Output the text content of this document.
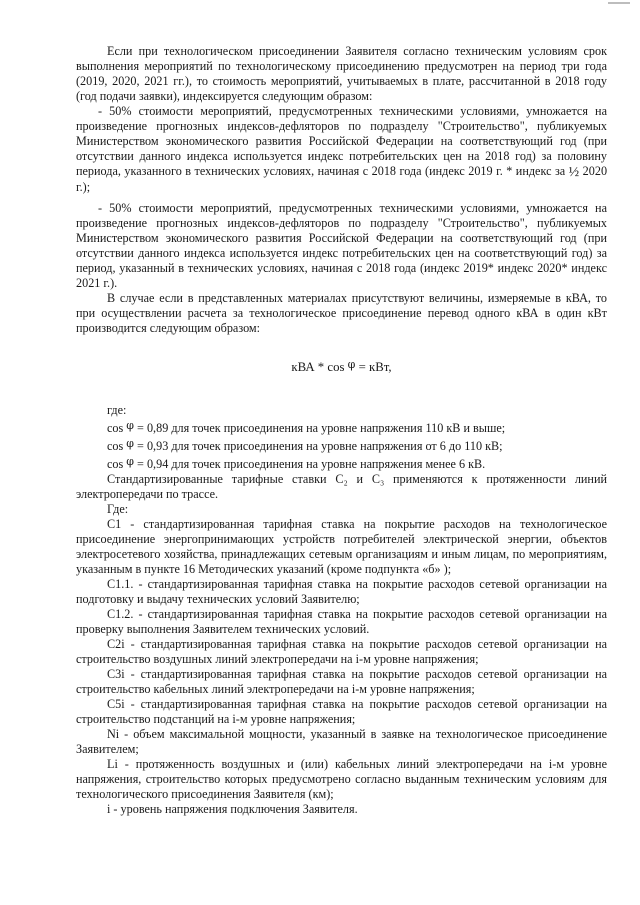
Если при технологическом присоединении Заявителя согласно техническим условиям срок выполнения мероприятий по технологическому присоединению предусмотрен на период три года (2019, 2020, 2021 гг.), то стоимость мероприятий, учитываемых в плате, рассчитанной в 2018 году (год подачи заявки), индексируется следующим образом:

- 50% стоимости мероприятий, предусмотренных техническими условиями, умножается на произведение прогнозных индексов-дефляторов по подразделу "Строительство", публикуемых Министерством экономического развития Российской Федерации на соответствующий год (при отсутствии данного индекса используется индекс потребительских цен на 2018 год) за половину периода, указанного в технических условиях, начиная с 2018 года (индекс 2019 г. * индекс за ½ 2020 г.);

- 50% стоимости мероприятий, предусмотренных техническими условиями, умножается на произведение прогнозных индексов-дефляторов по подразделу "Строительство", публикуемых Министерством экономического развития Российской Федерации на соответствующий год (при отсутствии данного индекса используется индекс потребительских цен на соответствующий год) за период, указанный в технических условиях, начиная с 2018 года (индекс 2019* индекс 2020* индекс 2021 г.).

В случае если в представленных материалах присутствуют величины, измеряемые в кВА, то при осуществлении расчета за технологическое присоединение перевод одного кВА в один кВт производится следующим образом:

кВА * cos φ = кВт,

где:

cos φ = 0,89 для точек присоединения на уровне напряжения 110 кВ и выше;

cos φ = 0,93 для точек присоединения на уровне напряжения от 6 до 110 кВ;

cos φ = 0,94 для точек присоединения на уровне напряжения менее 6 кВ.

Стандартизированные тарифные ставки С₂ и С₃ применяются к протяженности линий электропередачи по трассе.

Где:

С1 - стандартизированная тарифная ставка на покрытие расходов на технологическое присоединение энергопринимающих устройств потребителей электрической энергии, объектов электросетевого хозяйства, принадлежащих сетевым организациям и иным лицам, по мероприятиям, указанным в пункте 16 Методических указаний (кроме подпункта «б» );

С1.1. - стандартизированная тарифная ставка на покрытие расходов сетевой организации на подготовку и выдачу технических условий Заявителю;

С1.2. - стандартизированная тарифная ставка на покрытие расходов сетевой организации на проверку выполнения Заявителем технических условий.

С2i - стандартизированная тарифная ставка на покрытие расходов сетевой организации на строительство воздушных линий электропередачи на i-м уровне напряжения;

С3i - стандартизированная тарифная ставка на покрытие расходов сетевой организации на строительство кабельных линий электропередачи на i-м уровне напряжения;

С5i - стандартизированная тарифная ставка на покрытие расходов сетевой организации на строительство подстанций на i-м уровне напряжения;

Ni - объем максимальной мощности, указанный в заявке на технологическое присоединение Заявителем;

Li - протяженность воздушных и (или) кабельных линий электропередачи на i-м уровне напряжения, строительство которых предусмотрено согласно выданным техническим условиям для технологического присоединения Заявителя (км);

i - уровень напряжения подключения Заявителя.
